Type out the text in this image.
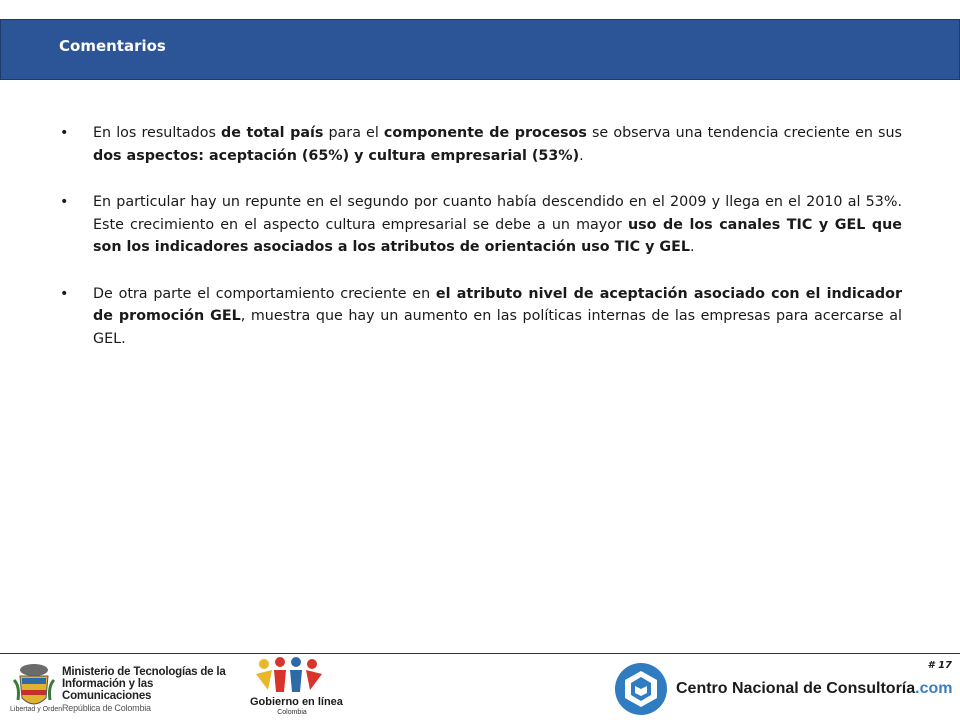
Comentarios
• En los resultados de total país para el componente de procesos se observa una tendencia creciente en sus dos aspectos: aceptación (65%) y cultura empresarial (53%).
• En particular hay un repunte en el segundo por cuanto había descendido en el 2009 y llega en el 2010 al 53%. Este crecimiento en el aspecto cultura empresarial se debe a un mayor uso de los canales TIC y GEL que son los indicadores asociados a los atributos de orientación uso TIC y GEL.
• De otra parte el comportamiento creciente en el atributo nivel de aceptación asociado con el indicador de promoción GEL, muestra que hay un aumento en las políticas internas de las empresas para acercarse al GEL.
# 17
Ministerio de Tecnologías de la
Información y las Comunicaciones
República de Colombia
Libertad y Orden
Gobierno en línea
Colombia
Centro Nacional de Consultoría.com
